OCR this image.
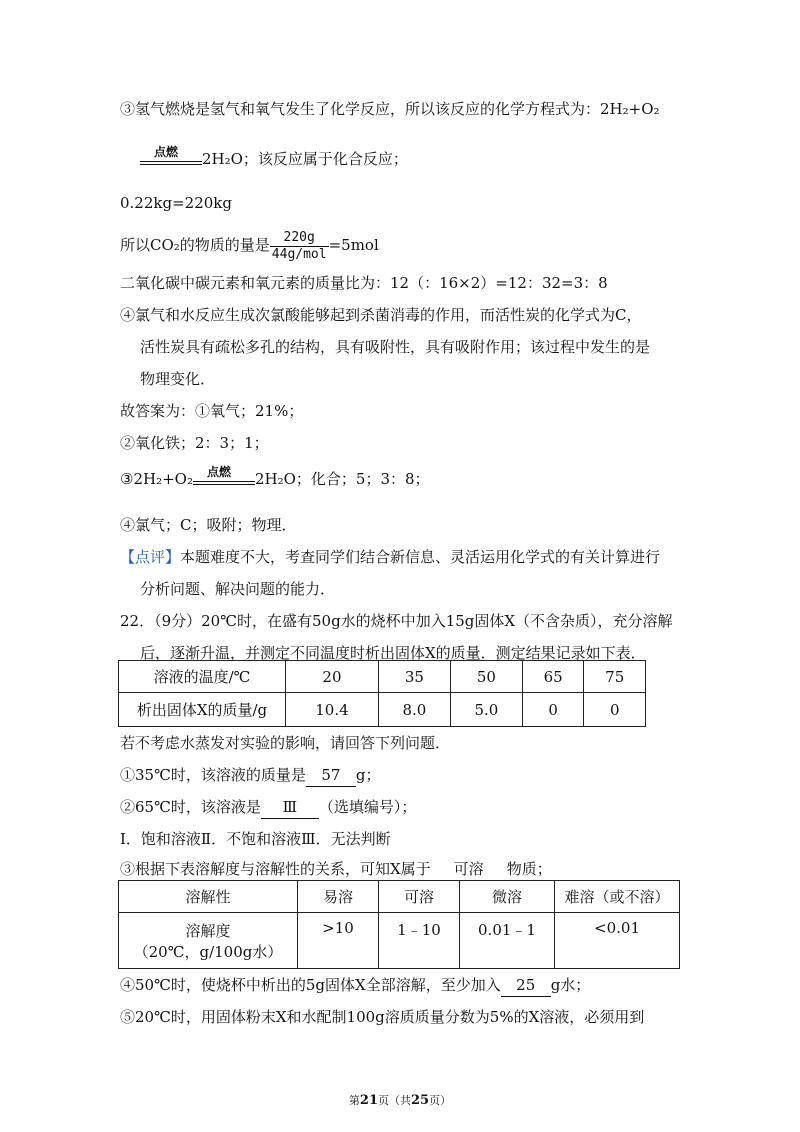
③氢气燃烧是氢气和氧气发生了化学反应，所以该反应的化学方程式为：2H₂+O₂
点燃 2H₂O；该反应属于化合反应；
0.22kg=220kg
所以CO₂的物质的量是 $\frac{220g}{\text{44g/mol}} =5mol$
二氧化碳中碳元素和氧元素的质量比为：12（：16×2）=12：32=3：8
④氯气和水反应生成次氯酸能够起到杀菌消毒的作用，而活性炭的化学式为C，
活性炭具有疏松多孔的结构，具有吸附性，具有吸附作用；该过程中发生的是
物理变化．
故答案为：①氧气；21%；
②氧化铁；2：3；1；
③2H₂+O₂ 点燃 2H₂O；化合；5；3：8；
④氯气；C；吸附；物理．
【点评】本题难度不大，考查同学们结合新信息、灵活运用化学式的有关计算进行
分析问题、解决问题的能力．
22．（9分）20℃时，在盛有50g水的烧杯中加入15g固体X（不含杂质），充分溶解
后，逐渐升温，并测定不同温度时析出固体X的质量．测定结果记录如下表．
溶液的温度/℃	20	35	50	65	75
析出固体X的质量/g	10.4	8.0	5.0	0	0
若不考虑水蒸发对实验的影响，请回答下列问题．
①35℃时，该溶液的质量是 57 g；
②65℃时，该溶液是 Ⅲ （选填编号）；
Ⅰ．饱和溶液Ⅱ．不饱和溶液Ⅲ．无法判断
③根据下表溶解度与溶解性的关系，可知X属于 可溶 物质；
溶解性	易溶	可溶	微溶	难溶（或不溶）

溶解度
（20℃，g/100g水）	>10	1﹣10	0.01﹣1	<0.01
④50℃时，使烧杯中析出的5g固体X全部溶解，至少加入 25 g水；
⑤20℃时，用固体粉末X和水配制100g溶质质量分数为5%的X溶液，必须用到
第21页（共25页）
